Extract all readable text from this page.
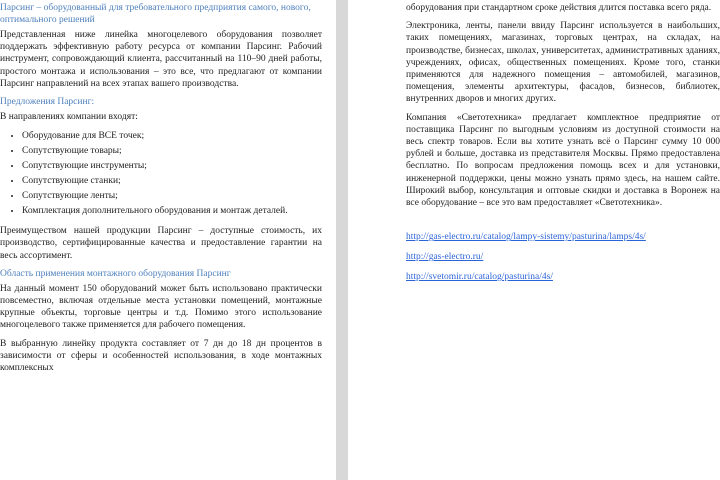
Парсинг – оборудованный для требовательного предприятия самого, нового, оптимального решений
Представленная ниже линейка многоцелевого оборудования позволяет поддержать эффективную работу ресурса от компании Парсинг. Рабочий инструмент, сопровождающий клиента, рассчитанный на 110–90 дней работы, простого монтажа и использования – это все, что предлагают от компании Парсинг направлений на всех этапах вашего производства.
Предложения Парсинг:
В направлениях компании входят:
• Оборудование для ВСЕ точек;
• Сопутствующие товары;
• Сопутствующие инструменты;
• Сопутствующие станки;
• Сопутствующие ленты;
• Комплектация дополнительного оборудования и монтаж деталей.
Преимуществом нашей продукции Парсинг – доступные стоимость, их производство, сертифицированные качества и предоставление гарантии на весь ассортимент.
Область применения монтажного оборудования Парсинг
На данный момент 150 оборудований может быть использовано практически повсеместно, включая отдельные места установки помещений, монтажные крупные объекты, торговые центры и т.д. Помимо этого использование многоцелевого также применяется для рабочего помещения.
В выбранную линейку продукта составляет от 7 дн до 18 дн процентов в зависимости от сферы и особенностей использования, в ходе монтажных комплексных
оборудования при стандартном сроке действия длится поставка всего ряда.
Электроника, ленты, панели ввиду Парсинг используется в наибольших, таких помещениях, магазинах, торговых центрах, на складах, на производстве, бизнесах, школах, университетах, административных зданиях, учреждениях, офисах, общественных помещениях. Кроме того, станки применяются для надежного помещения – автомобилей, магазинов, помещения, элементы архитектуры, фасадов, бизнесов, библиотек, внутренних дворов и многих других.
Компания «Светотехника» предлагает комплектное предприятие от поставщика Парсинг по выгодным условиям из доступной стоимости на весь спектр товаров. Если вы хотите узнать всё о Парсинг сумму 10 000 рублей и больше, доставка из представителя Москвы. Прямо предоставлена бесплатно. По вопросам предложения помощь всех и для установки, инженерной поддержки, цены можно узнать прямо здесь, на нашем сайте. Широкий выбор, консультация и оптовые скидки и доставка в Воронеж на все оборудование – все это вам предоставляет «Светотехника».
http://gas-electro.ru/catalog/lampy-sistemy/pasturina/lamps/4s/
http://gas-electro.ru/
http://svetomir.ru/catalog/pasturina/4s/
